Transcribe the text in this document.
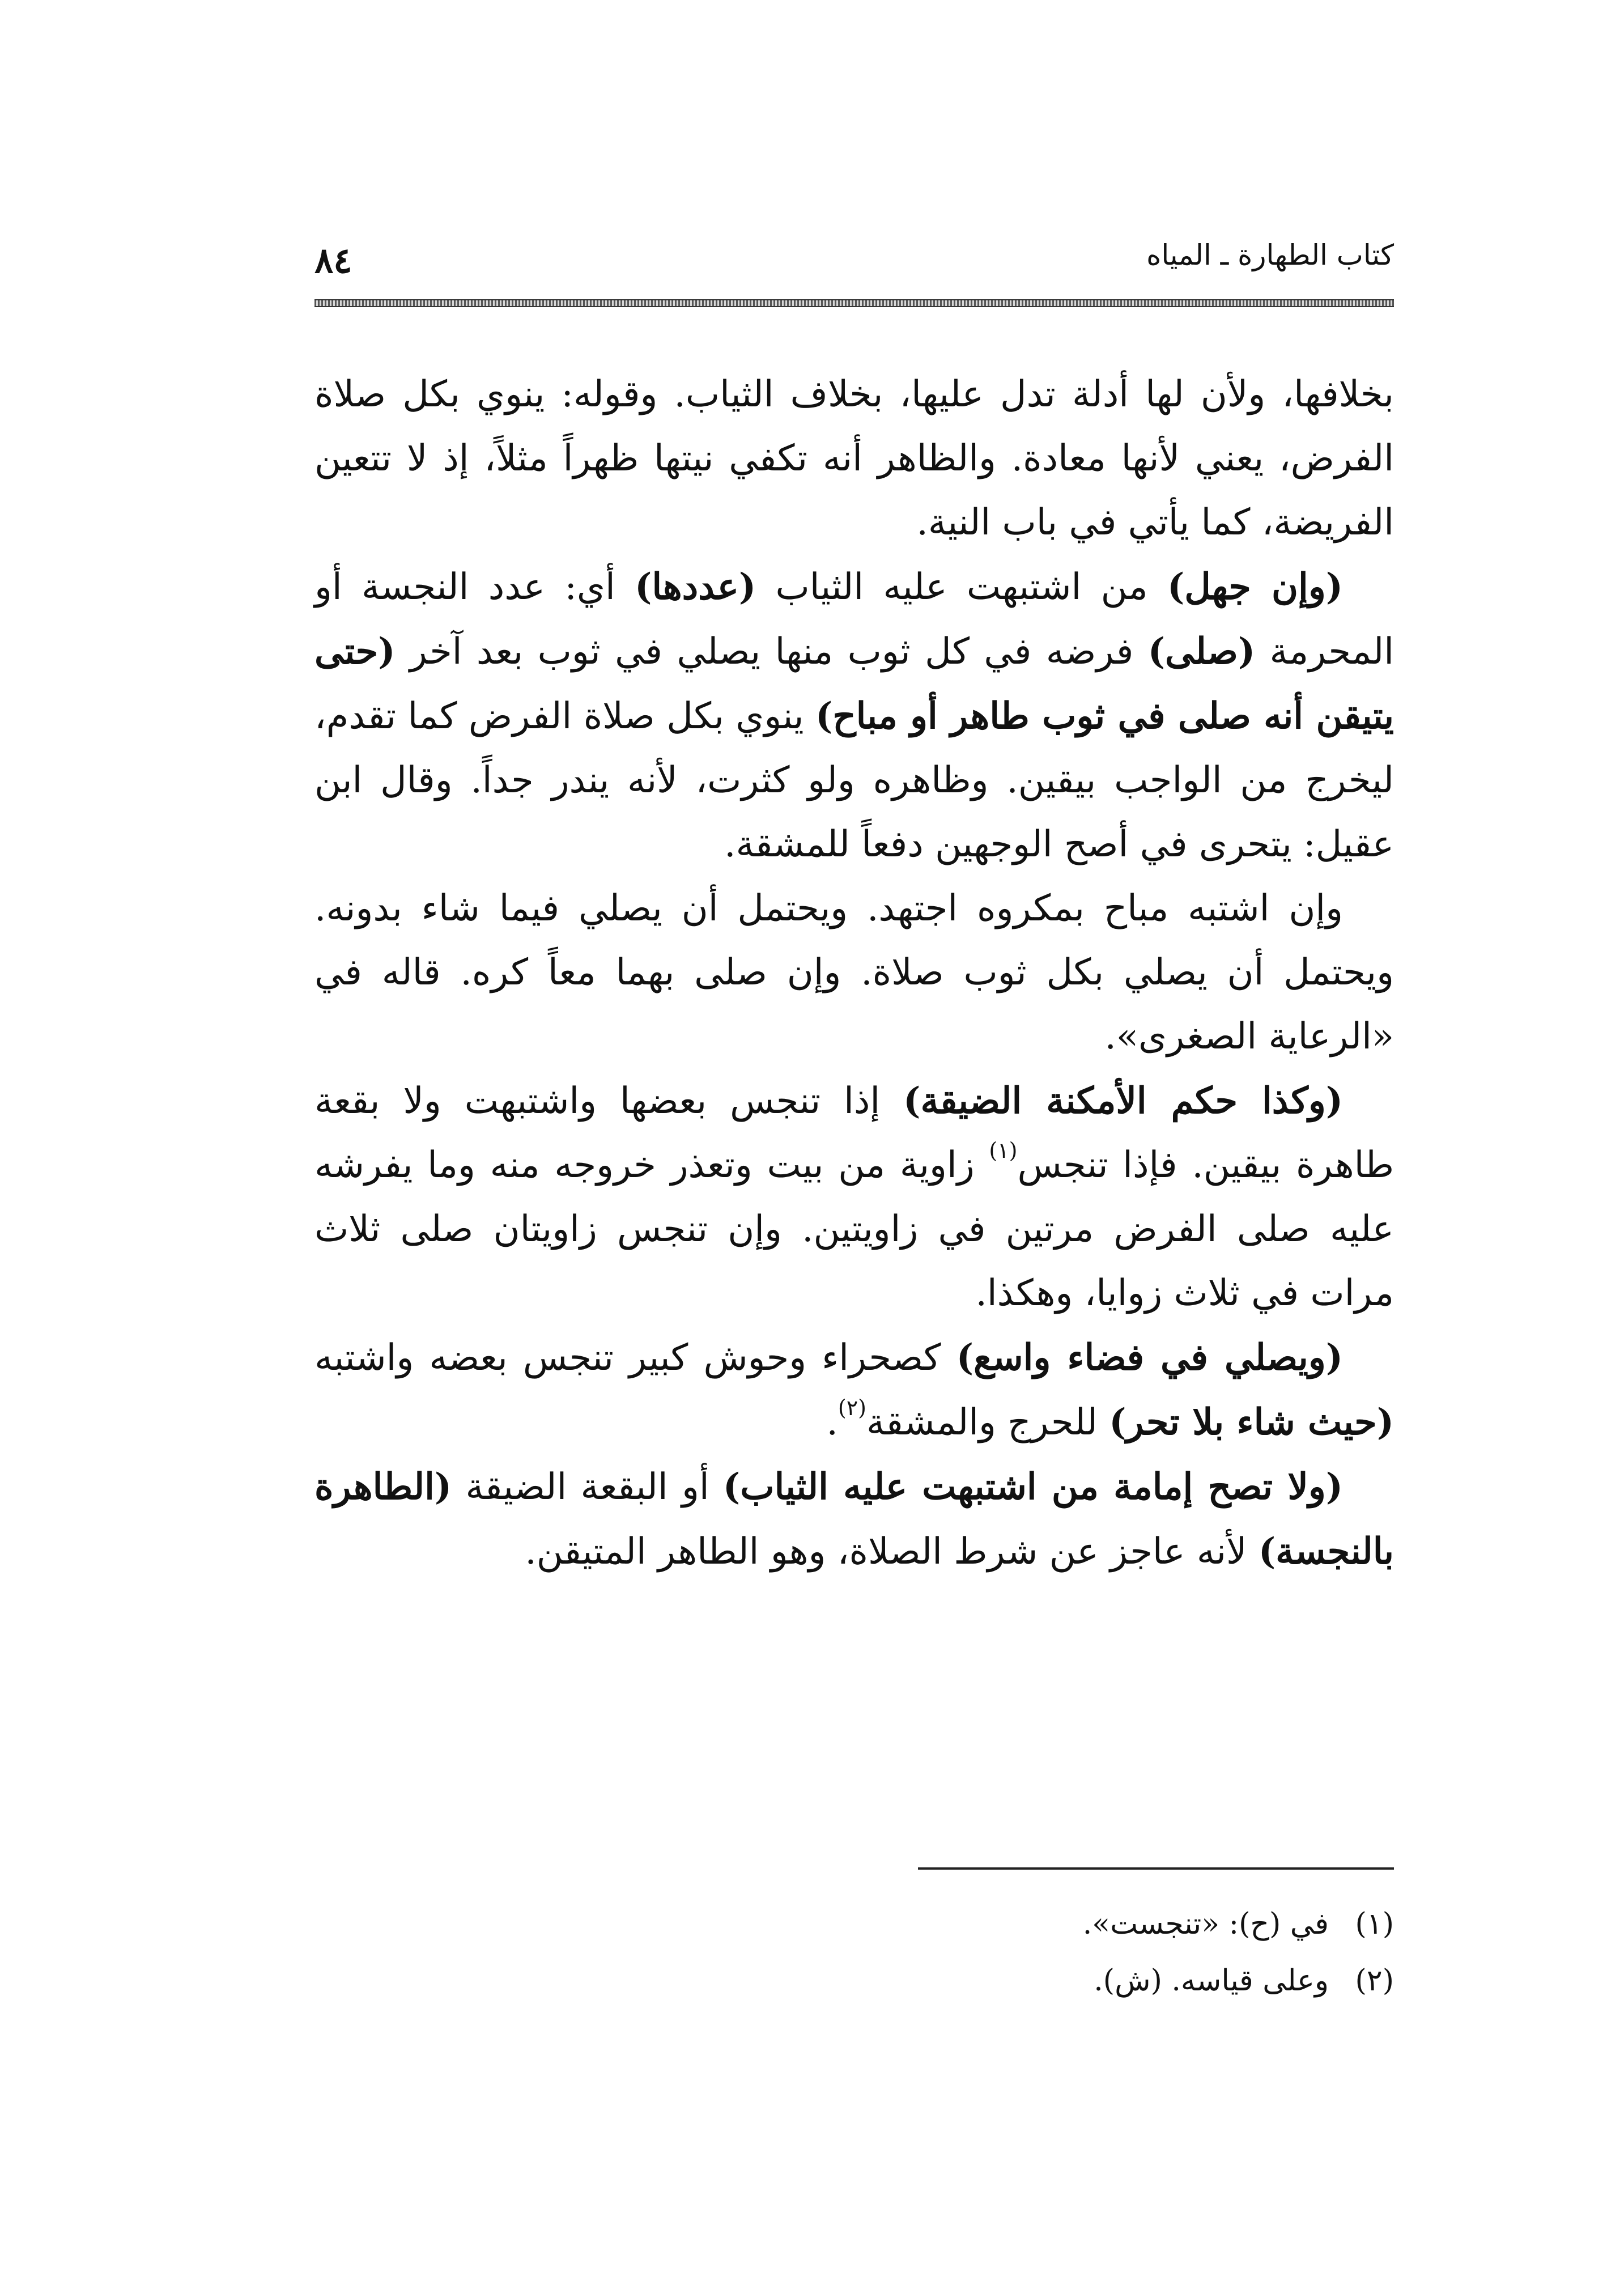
كتاب الطهارة ـ المياه
٨٤

بخلافها، ولأن لها أدلة تدل عليها، بخلاف الثياب. وقوله: ينوي بكل صلاة الفرض، يعني لأنها معادة. والظاهر أنه تكفي نيتها ظهراً مثلاً، إذ لا تتعين الفريضة، كما يأتي في باب النية.

(وإن جهل) من اشتبهت عليه الثياب (عددها) أي: عدد النجسة أو المحرمة (صلى) فرضه في كل ثوب منها يصلي في ثوب بعد آخر (حتى يتيقن أنه صلى في ثوب طاهر أو مباح) ينوي بكل صلاة الفرض كما تقدم، ليخرج من الواجب بيقين. وظاهره ولو كثرت، لأنه يندر جداً. وقال ابن عقيل: يتحرى في أصح الوجهين دفعاً للمشقة.

وإن اشتبه مباح بمكروه اجتهد. ويحتمل أن يصلي فيما شاء بدونه. ويحتمل أن يصلي بكل ثوب صلاة. وإن صلى بهما معاً كره. قاله في «الرعاية الصغرى».

(وكذا حكم الأمكنة الضيقة) إذا تنجس بعضها واشتبهت ولا بقعة طاهرة بيقين. فإذا تنجس$^{(١)}$ زاوية من بيت وتعذر خروجه منه وما يفرشه عليه صلى الفرض مرتين في زاويتين. وإن تنجس زاويتان صلى ثلاث مرات في ثلاث زوايا، وهكذا.

(ويصلي في فضاء واسع) كصحراء وحوش كبير تنجس بعضه واشتبه (حيث شاء بلا تحر) للحرج والمشقة$^{(٢)}$.

(ولا تصح إمامة من اشتبهت عليه الثياب) أو البقعة الضيقة (الطاهرة بالنجسة) لأنه عاجز عن شرط الصلاة، وهو الطاهر المتيقن.

(١)
في (ح): «تنجست».
(٢)
وعلى قياسه. (ش).
